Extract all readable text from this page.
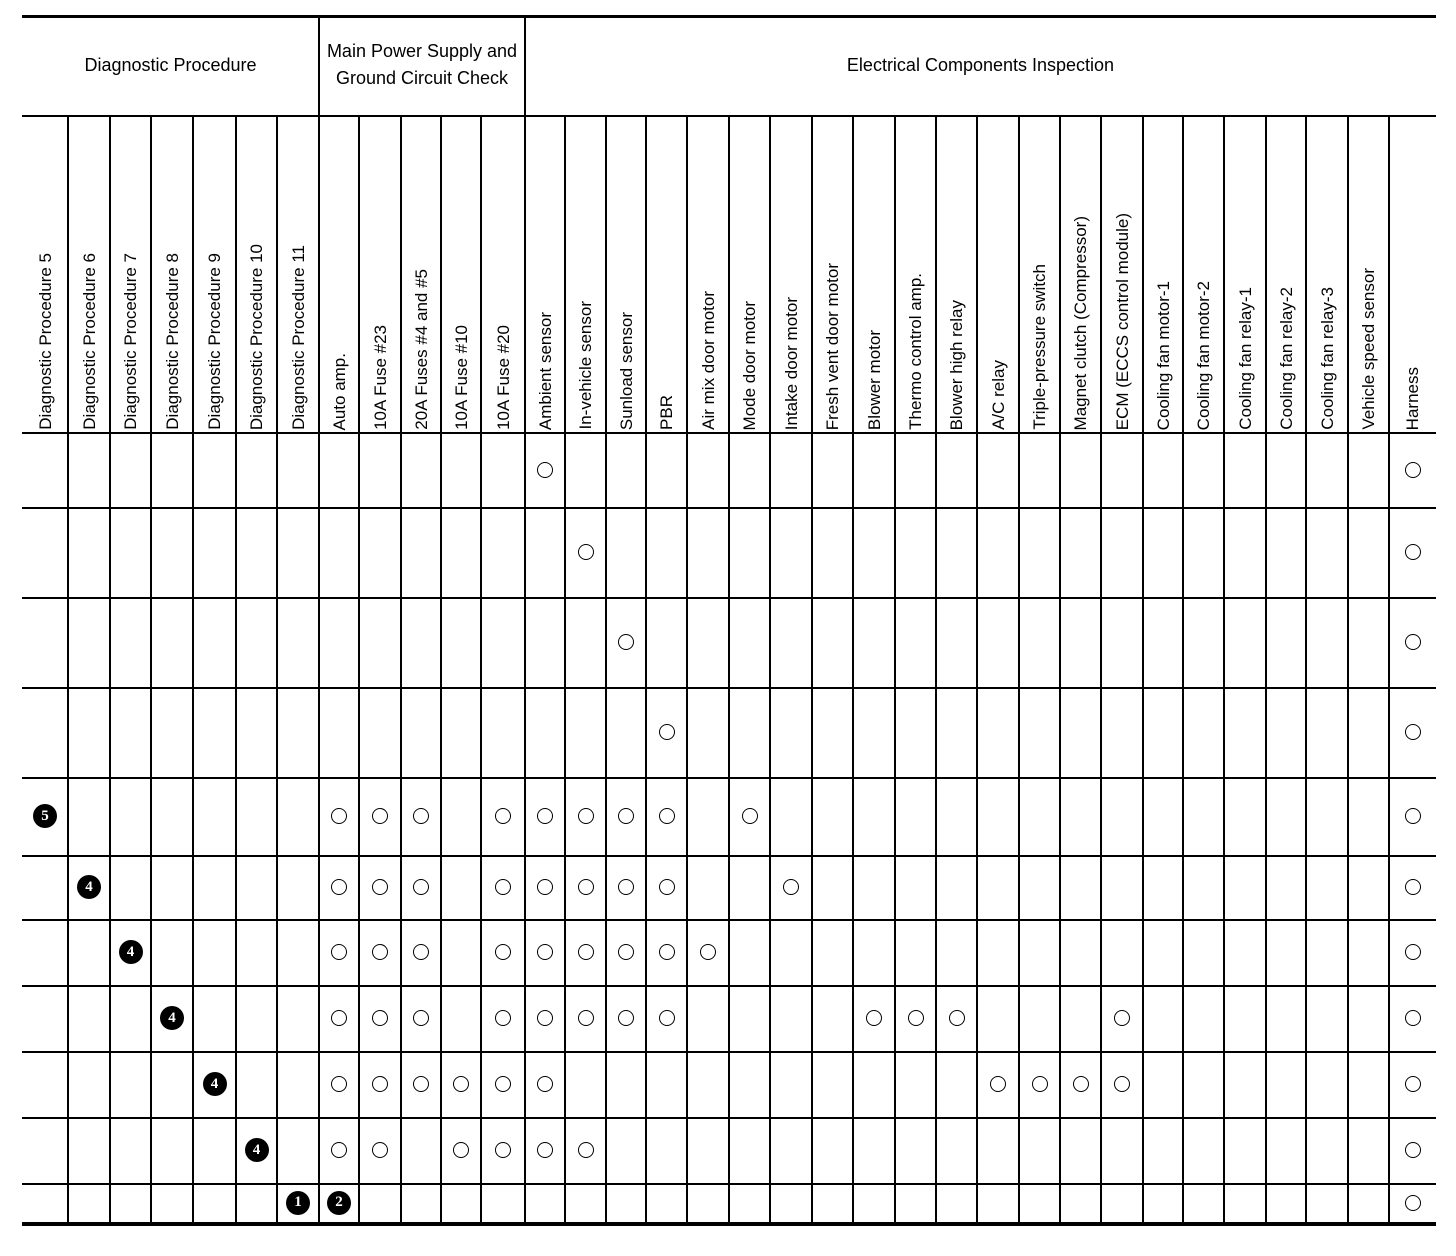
Diagnostic Procedure
Main Power Supply and Ground Circuit Check
Electrical Components Inspection
Diagnostic Procedure 5 Diagnostic Procedure 6 Diagnostic Procedure 7 Diagnostic Procedure 8 Diagnostic Procedure 9 Diagnostic Procedure 10 Diagnostic Procedure 11 Auto amp. 10A Fuse #23 20A Fuses #4 and #5 10A Fuse #10 10A Fuse #20 Ambient sensor In-vehicle sensor Sunload sensor PBR Air mix door motor Mode door motor Intake door motor Fresh vent door motor Blower motor Thermo control amp. Blower high relay A/C relay Triple-pressure switch Magnet clutch (Compressor) ECM (ECCS control module) Cooling fan motor-1 Cooling fan motor-2 Cooling fan relay-1 Cooling fan relay-2 Cooling fan relay-3 Vehicle speed sensor Harness
5
4
4
4
4
4
1	2
